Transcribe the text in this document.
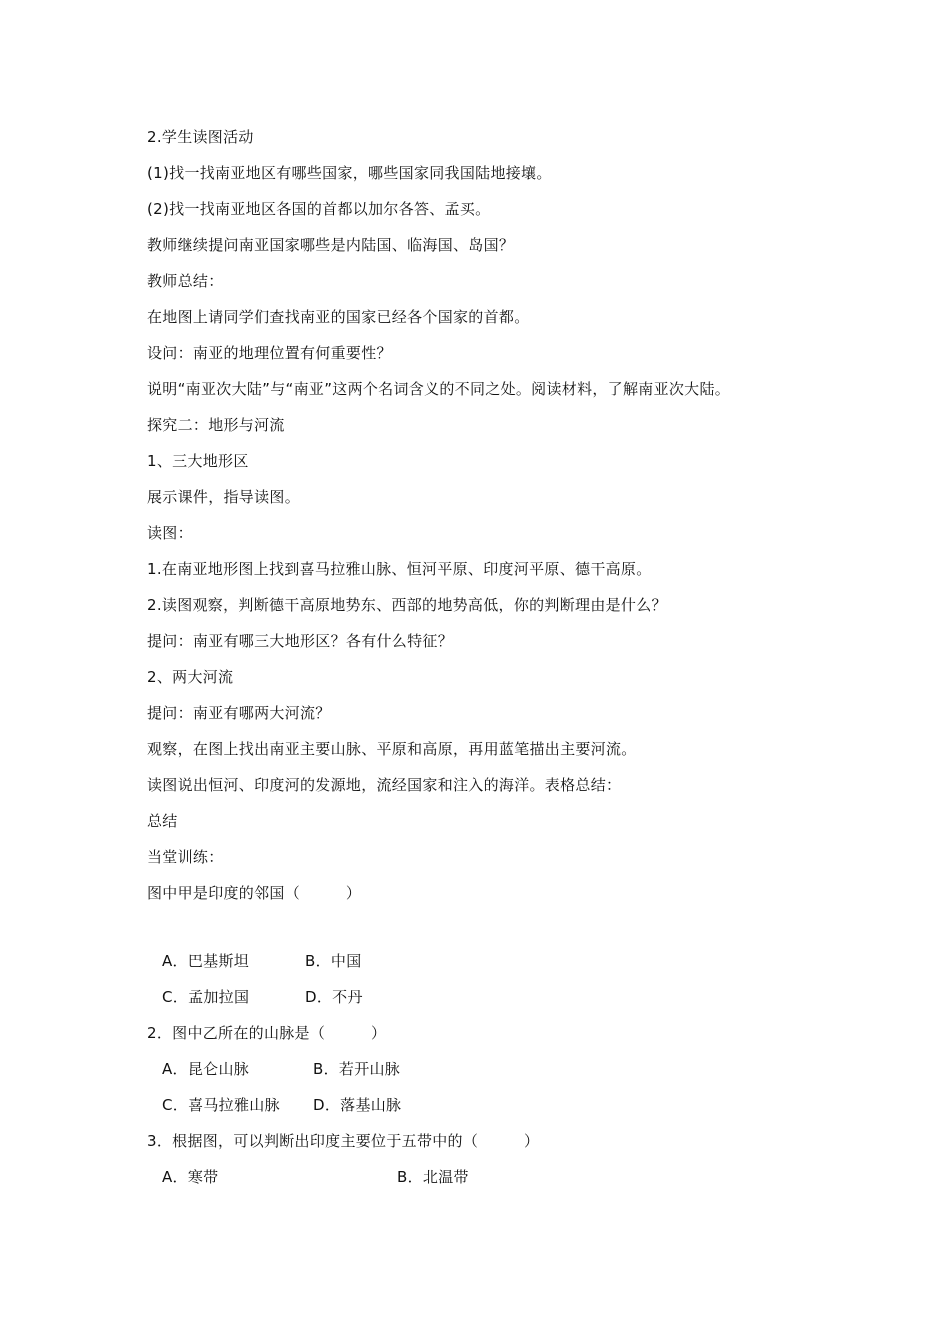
2.学生读图活动
(1)找一找南亚地区有哪些国家，哪些国家同我国陆地接壤。
(2)找一找南亚地区各国的首都以加尔各答、孟买。
教师继续提问南亚国家哪些是内陆国、临海国、岛国？
教师总结：
在地图上请同学们查找南亚的国家已经各个国家的首都。
设问：南亚的地理位置有何重要性？
说明“南亚次大陆”与“南亚”这两个名词含义的不同之处。阅读材料，了解南亚次大陆。
探究二：地形与河流
1、三大地形区
展示课件，指导读图。
读图：
1.在南亚地形图上找到喜马拉雅山脉、恒河平原、印度河平原、德干高原。
2.读图观察，判断德干高原地势东、西部的地势高低，你的判断理由是什么？
提问：南亚有哪三大地形区？各有什么特征？
2、两大河流
提问：南亚有哪两大河流？
观察，在图上找出南亚主要山脉、平原和高原，再用蓝笔描出主要河流。
读图说出恒河、印度河的发源地，流经国家和注入的海洋。表格总结：
总结
当堂训练：
图中甲是印度的邻国（　　　）
A．巴基斯坦	B．中国
C．孟加拉国	D．不丹
2．图中乙所在的山脉是（　　　）
A．昆仑山脉	B．若开山脉
C．喜马拉雅山脉 D．落基山脉
3．根据图，可以判断出印度主要位于五带中的（　　　）
A．寒带	B．北温带
